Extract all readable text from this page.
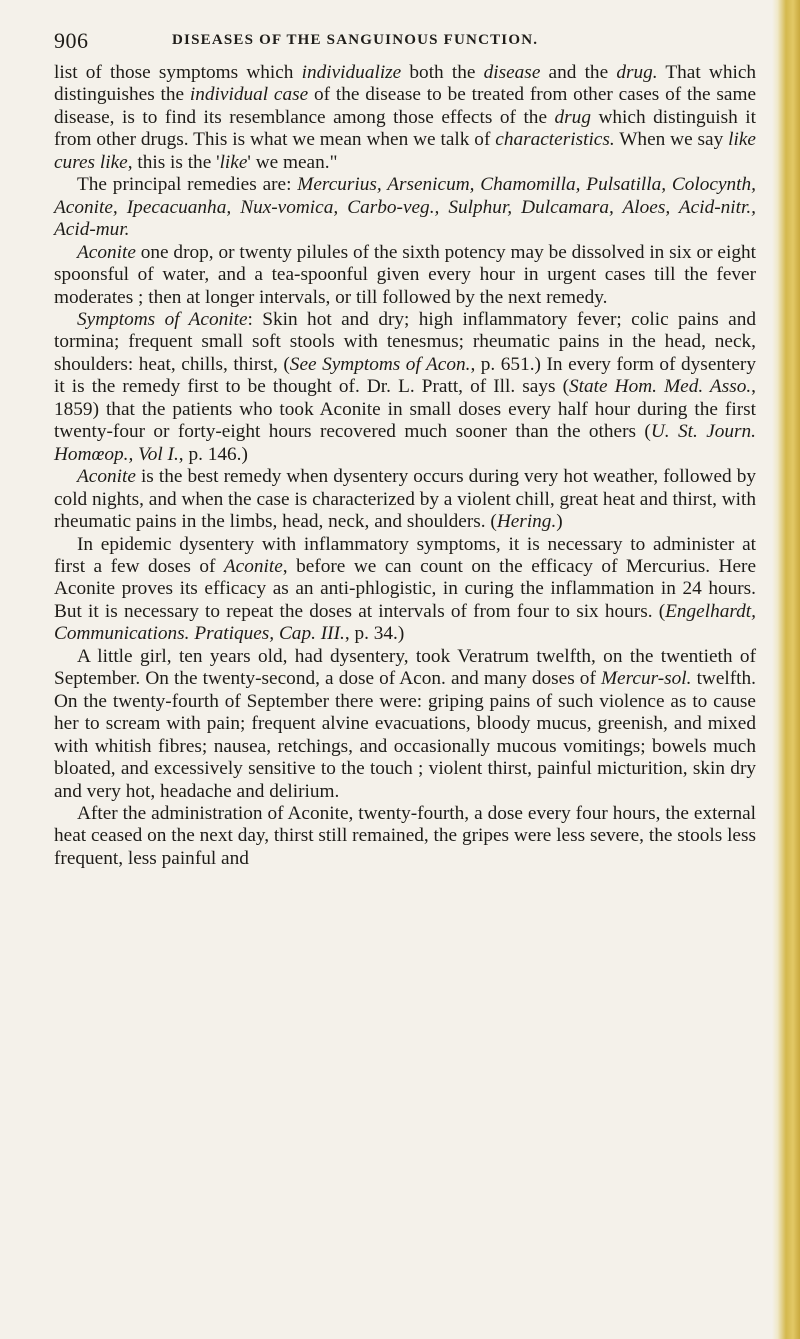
906	DISEASES OF THE SANGUINOUS FUNCTION.

list of those symptoms which individualize both the disease and the drug. That which distinguishes the individual case of the disease to be treated from other cases of the same disease, is to find its resemblance among those effects of the drug which distinguish it from other drugs. This is what we mean when we talk of characteristics. When we say like cures like, this is the 'like' we mean."

The principal remedies are: Mercurius, Arsenicum, Chamomilla, Pulsatilla, Colocynth, Aconite, Ipecacuanha, Nux-vomica, Carbo-veg., Sulphur, Dulcamara, Aloes, Acid-nitr., Acid-mur.

Aconite one drop, or twenty pilules of the sixth potency may be dissolved in six or eight spoonsful of water, and a tea-spoonful given every hour in urgent cases till the fever moderates ; then at longer intervals, or till followed by the next remedy.

Symptoms of Aconite: Skin hot and dry; high inflammatory fever; colic pains and tormina; frequent small soft stools with tenesmus; rheumatic pains in the head, neck, shoulders: heat, chills, thirst, (See Symptoms of Acon., p. 651.) In every form of dysentery it is the remedy first to be thought of. Dr. L. Pratt, of Ill. says (State Hom. Med. Asso., 1859) that the patients who took Aconite in small doses every half hour during the first twenty-four or forty-eight hours recovered much sooner than the others (U. St. Journ. Homœop., Vol I., p. 146.)

Aconite is the best remedy when dysentery occurs during very hot weather, followed by cold nights, and when the case is characterized by a violent chill, great heat and thirst, with rheumatic pains in the limbs, head, neck, and shoulders. (Hering.)

In epidemic dysentery with inflammatory symptoms, it is necessary to administer at first a few doses of Aconite, before we can count on the efficacy of Mercurius. Here Aconite proves its efficacy as an anti-phlogistic, in curing the inflammation in 24 hours. But it is necessary to repeat the doses at intervals of from four to six hours. (Engelhardt, Communications. Pratiques, Cap. III., p. 34.)

A little girl, ten years old, had dysentery, took Veratrum twelfth, on the twentieth of September. On the twenty-second, a dose of Acon. and many doses of Mercur-sol. twelfth. On the twenty-fourth of September there were: griping pains of such violence as to cause her to scream with pain; frequent alvine evacuations, bloody mucus, greenish, and mixed with whitish fibres; nausea, retchings, and occasionally mucous vomitings; bowels much bloated, and excessively sensitive to the touch ; violent thirst, painful micturition, skin dry and very hot, headache and delirium.

After the administration of Aconite, twenty-fourth, a dose every four hours, the external heat ceased on the next day, thirst still remained, the gripes were less severe, the stools less frequent, less painful and
